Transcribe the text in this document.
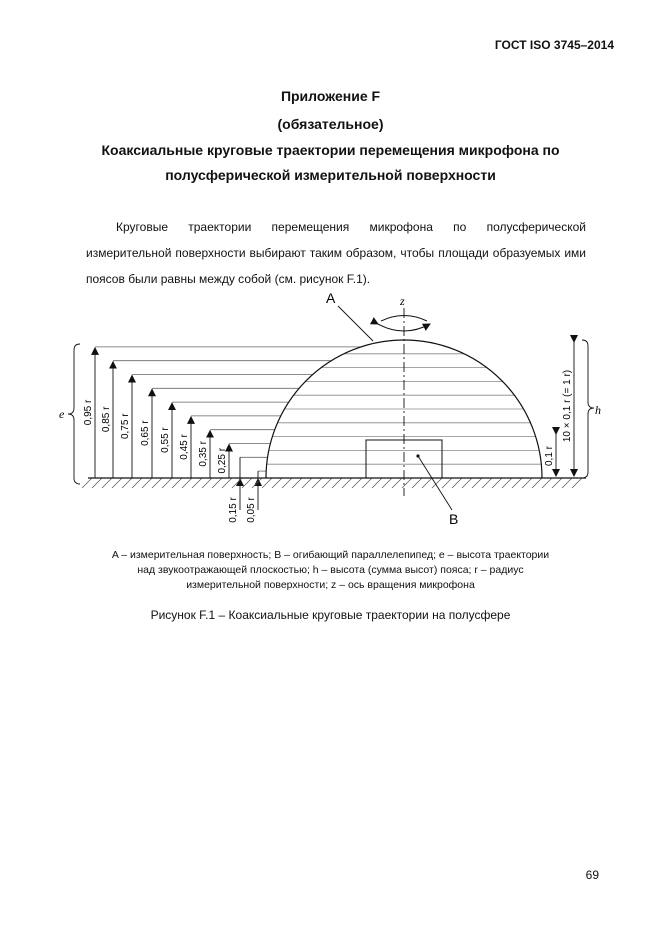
ГОСТ ISO 3745–2014
Приложение F
(обязательное)
Коаксиальные круговые траектории перемещения микрофона по
полусферической измерительной поверхности

Круговые траектории перемещения микрофона по полусферической измерительной поверхности выбирают таким образом, чтобы площади образуемых ими поясов были равны между собой (см. рисунок F.1).

0,95 r 0,85 r 0,75 r 0,65 r 0,55 r 0,45 r 0,35 r 0,25 r
0,15 r 0,05 r
z
A
B
e	h
0,1 r
10 × 0,1 r (= 1 r)
A – измерительная поверхность; B – огибающий параллелепипед; e – высота траектории
над звукоотражающей плоскостью; h – высота (сумма высот) пояса; r – радиус
измерительной поверхности; z – ось вращения микрофона
Рисунок F.1 – Коаксиальные круговые траектории на полусфере
69
